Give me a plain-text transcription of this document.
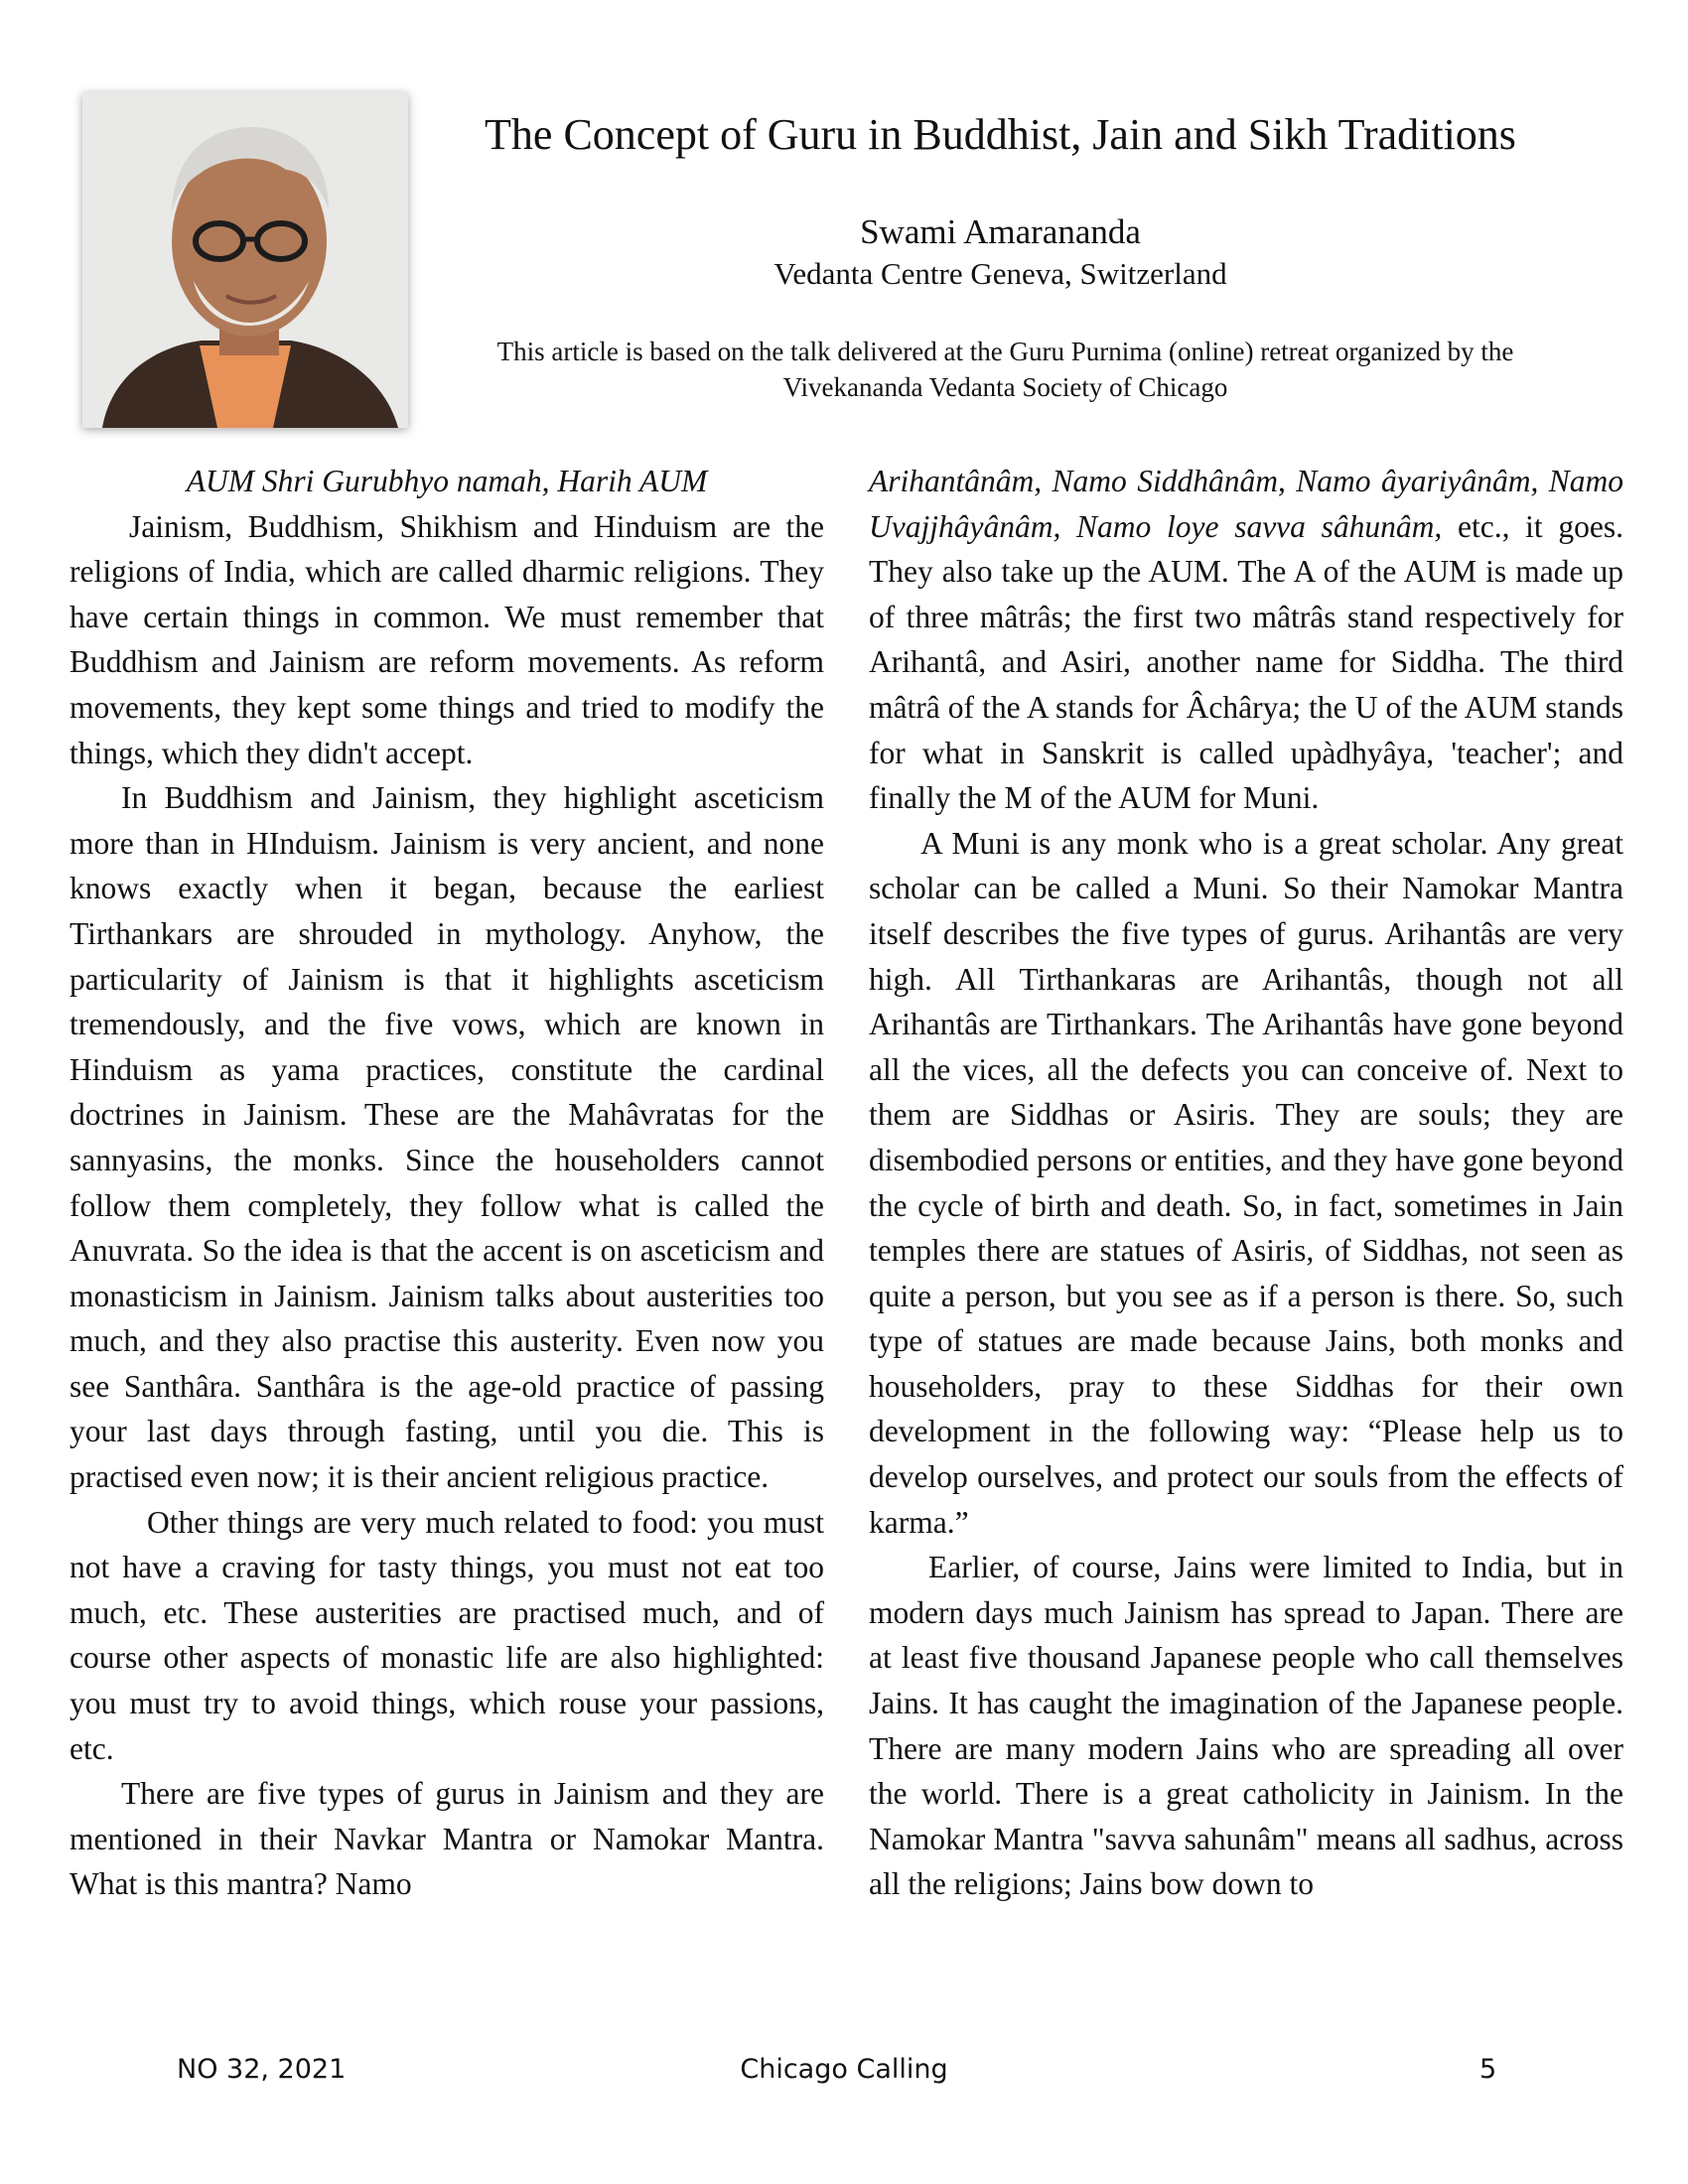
The Concept of Guru in Buddhist, Jain and Sikh Traditions
Swami Amarananda
Vedanta Centre Geneva, Switzerland
This article is based on the talk delivered at the Guru Purnima (online) retreat organized by the Vivekananda Vedanta Society of Chicago

AUM Shri Gurubhyo namah, Harih AUM

Jainism, Buddhism, Shikhism and Hinduism are the religions of India, which are called dharmic religions. They have certain things in common. We must remember that Buddhism and Jainism are reform movements. As reform movements, they kept some things and tried to modify the things, which they didn't accept.

In Buddhism and Jainism, they highlight asceticism more than in HInduism. Jainism is very ancient, and none knows exactly when it began, because the earliest Tirthankars are shrouded in mythology. Anyhow, the particularity of Jainism is that it highlights asceticism tremendously, and the five vows, which are known in Hinduism as yama practices, constitute the cardinal doctrines in Jainism. These are the Mahâvratas for the sannyasins, the monks. Since the householders cannot follow them completely, they follow what is called the Anuvrata. So the idea is that the accent is on asceticism and monasticism in Jainism. Jainism talks about austerities too much, and they also practise this austerity. Even now you see Santhâra. Santhâra is the age-old practice of passing your last days through fasting, until you die. This is practised even now; it is their ancient religious practice.

Other things are very much related to food: you must not have a craving for tasty things, you must not eat too much, etc. These austerities are practised much, and of course other aspects of monastic life are also highlighted: you must try to avoid things, which rouse your passions, etc.

There are five types of gurus in Jainism and they are mentioned in their Navkar Mantra or Namokar Mantra. What is this mantra? Namo

Arihantânâm, Namo Siddhânâm, Namo âyariyânâm, Namo Uvajjhâyânâm, Namo loye savva sâhunâm, etc., it goes. They also take up the AUM. The A of the AUM is made up of three mâtrâs; the first two mâtrâs stand respectively for Arihantâ, and Asiri, another name for Siddha. The third mâtrâ of the A stands for Âchârya; the U of the AUM stands for what in Sanskrit is called upàdhyâya, 'teacher'; and finally the M of the AUM for Muni.

A Muni is any monk who is a great scholar. Any great scholar can be called a Muni. So their Namokar Mantra itself describes the five types of gurus. Arihantâs are very high. All Tirthankaras are Arihantâs, though not all Arihantâs are Tirthankars. The Arihantâs have gone beyond all the vices, all the defects you can conceive of. Next to them are Siddhas or Asiris. They are souls; they are disembodied persons or entities, and they have gone beyond the cycle of birth and death. So, in fact, sometimes in Jain temples there are statues of Asiris, of Siddhas, not seen as quite a person, but you see as if a person is there. So, such type of statues are made because Jains, both monks and householders, pray to these Siddhas for their own development in the following way: “Please help us to develop ourselves, and protect our souls from the effects of karma.”

Earlier, of course, Jains were limited to India, but in modern days much Jainism has spread to Japan. There are at least five thousand Japanese people who call themselves Jains. It has caught the imagination of the Japanese people. There are many modern Jains who are spreading all over the world. There is a great catholicity in Jainism. In the Namokar Mantra "savva sahunâm" means all sadhus, across all the religions; Jains bow down to

NO 32, 2021	Chicago Calling	5
